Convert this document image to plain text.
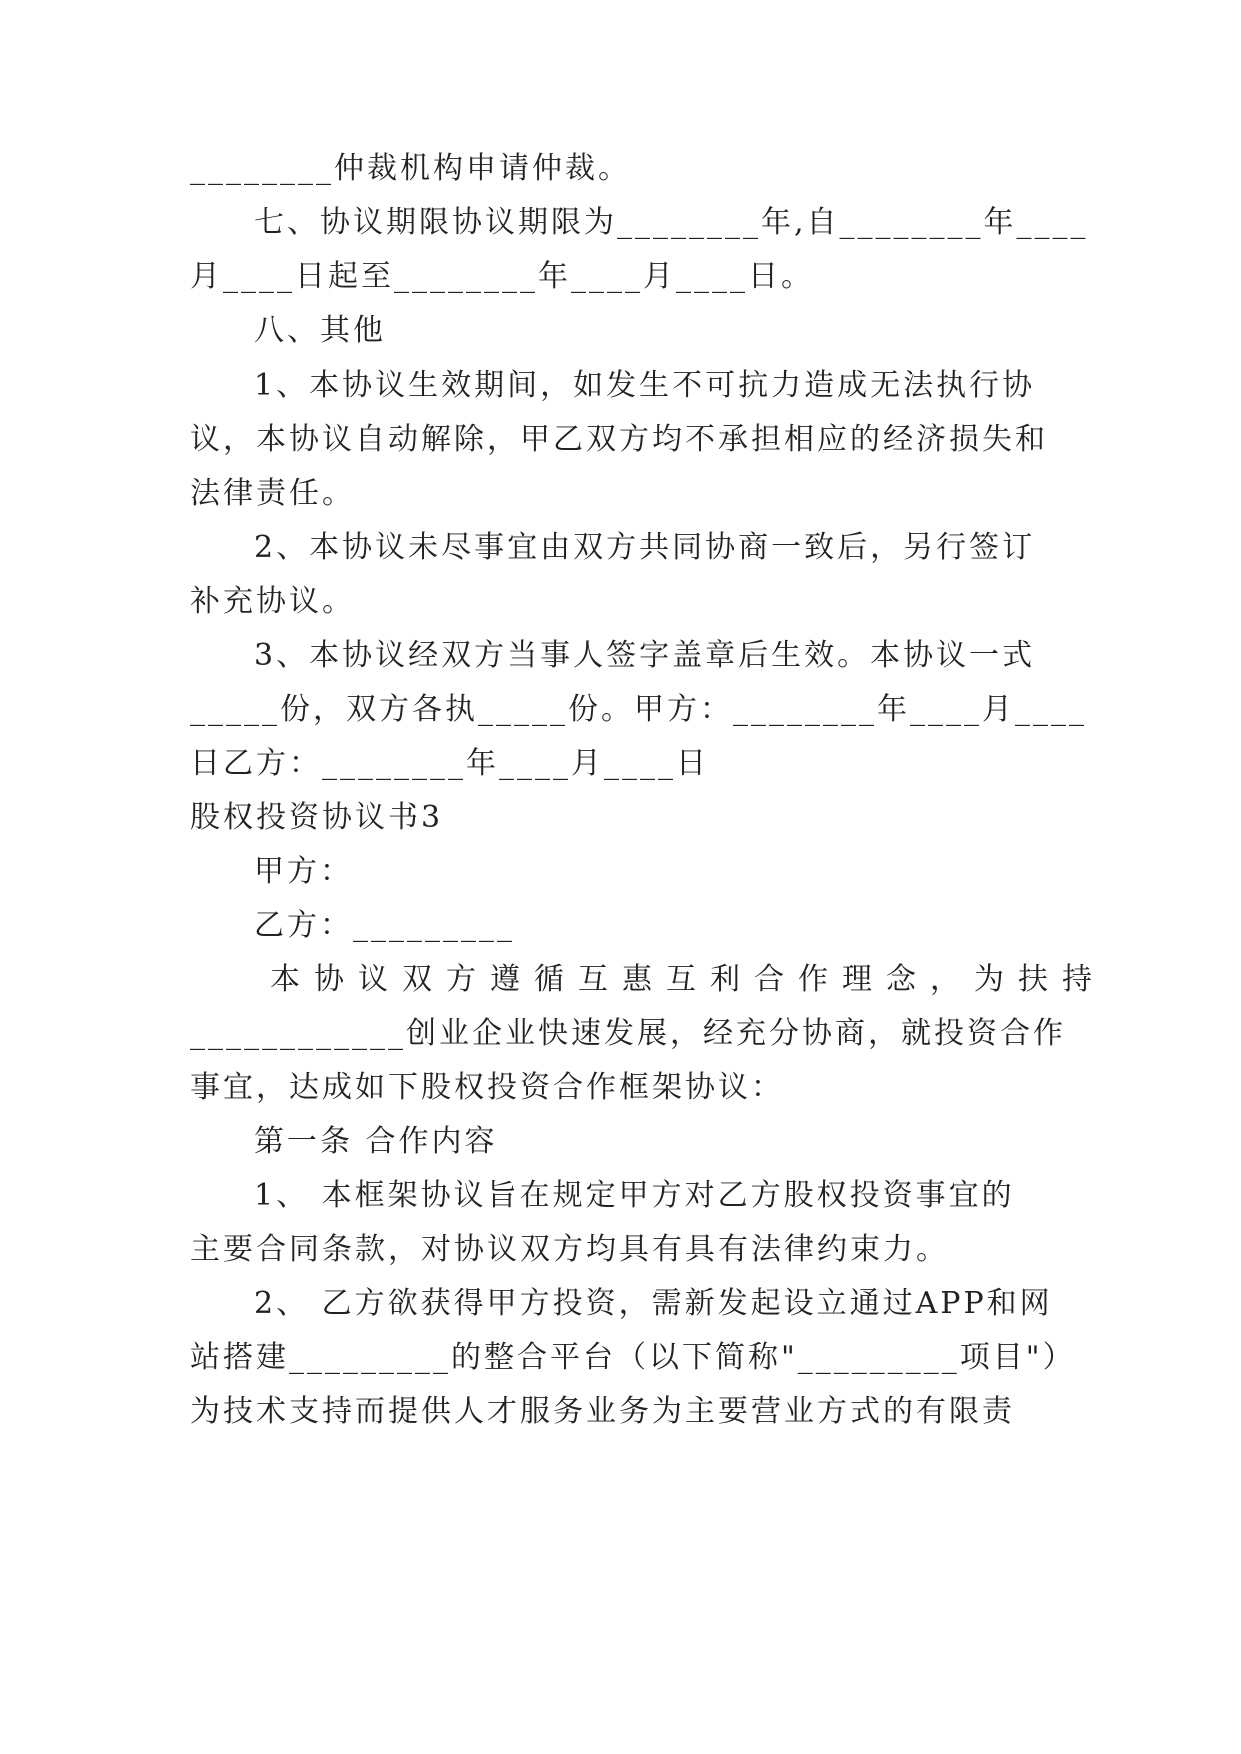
________仲裁机构申请仲裁。
七、协议期限协议期限为________年,自________年____
月____日起至________年____月____日。
八、其他
1、本协议生效期间，如发生不可抗力造成无法执行协
议，本协议自动解除，甲乙双方均不承担相应的经济损失和
法律责任。
2、本协议未尽事宜由双方共同协商一致后，另行签订
补充协议。
3、本协议经双方当事人签字盖章后生效。本协议一式
_____份，双方各执_____份。甲方：________年____月____
日乙方：________年____月____日
股权投资协议书3
甲方：
乙方：_________
本协议双方遵循互惠互利合作理念，为扶持
____________创业企业快速发展，经充分协商，就投资合作
事宜，达成如下股权投资合作框架协议：
第一条 合作内容
1、 本框架协议旨在规定甲方对乙方股权投资事宜的
主要合同条款，对协议双方均具有具有法律约束力。
2、 乙方欲获得甲方投资，需新发起设立通过APP和网
站搭建_________的整合平台（以下简称"_________项目"）
为技术支持而提供人才服务业务为主要营业方式的有限责
